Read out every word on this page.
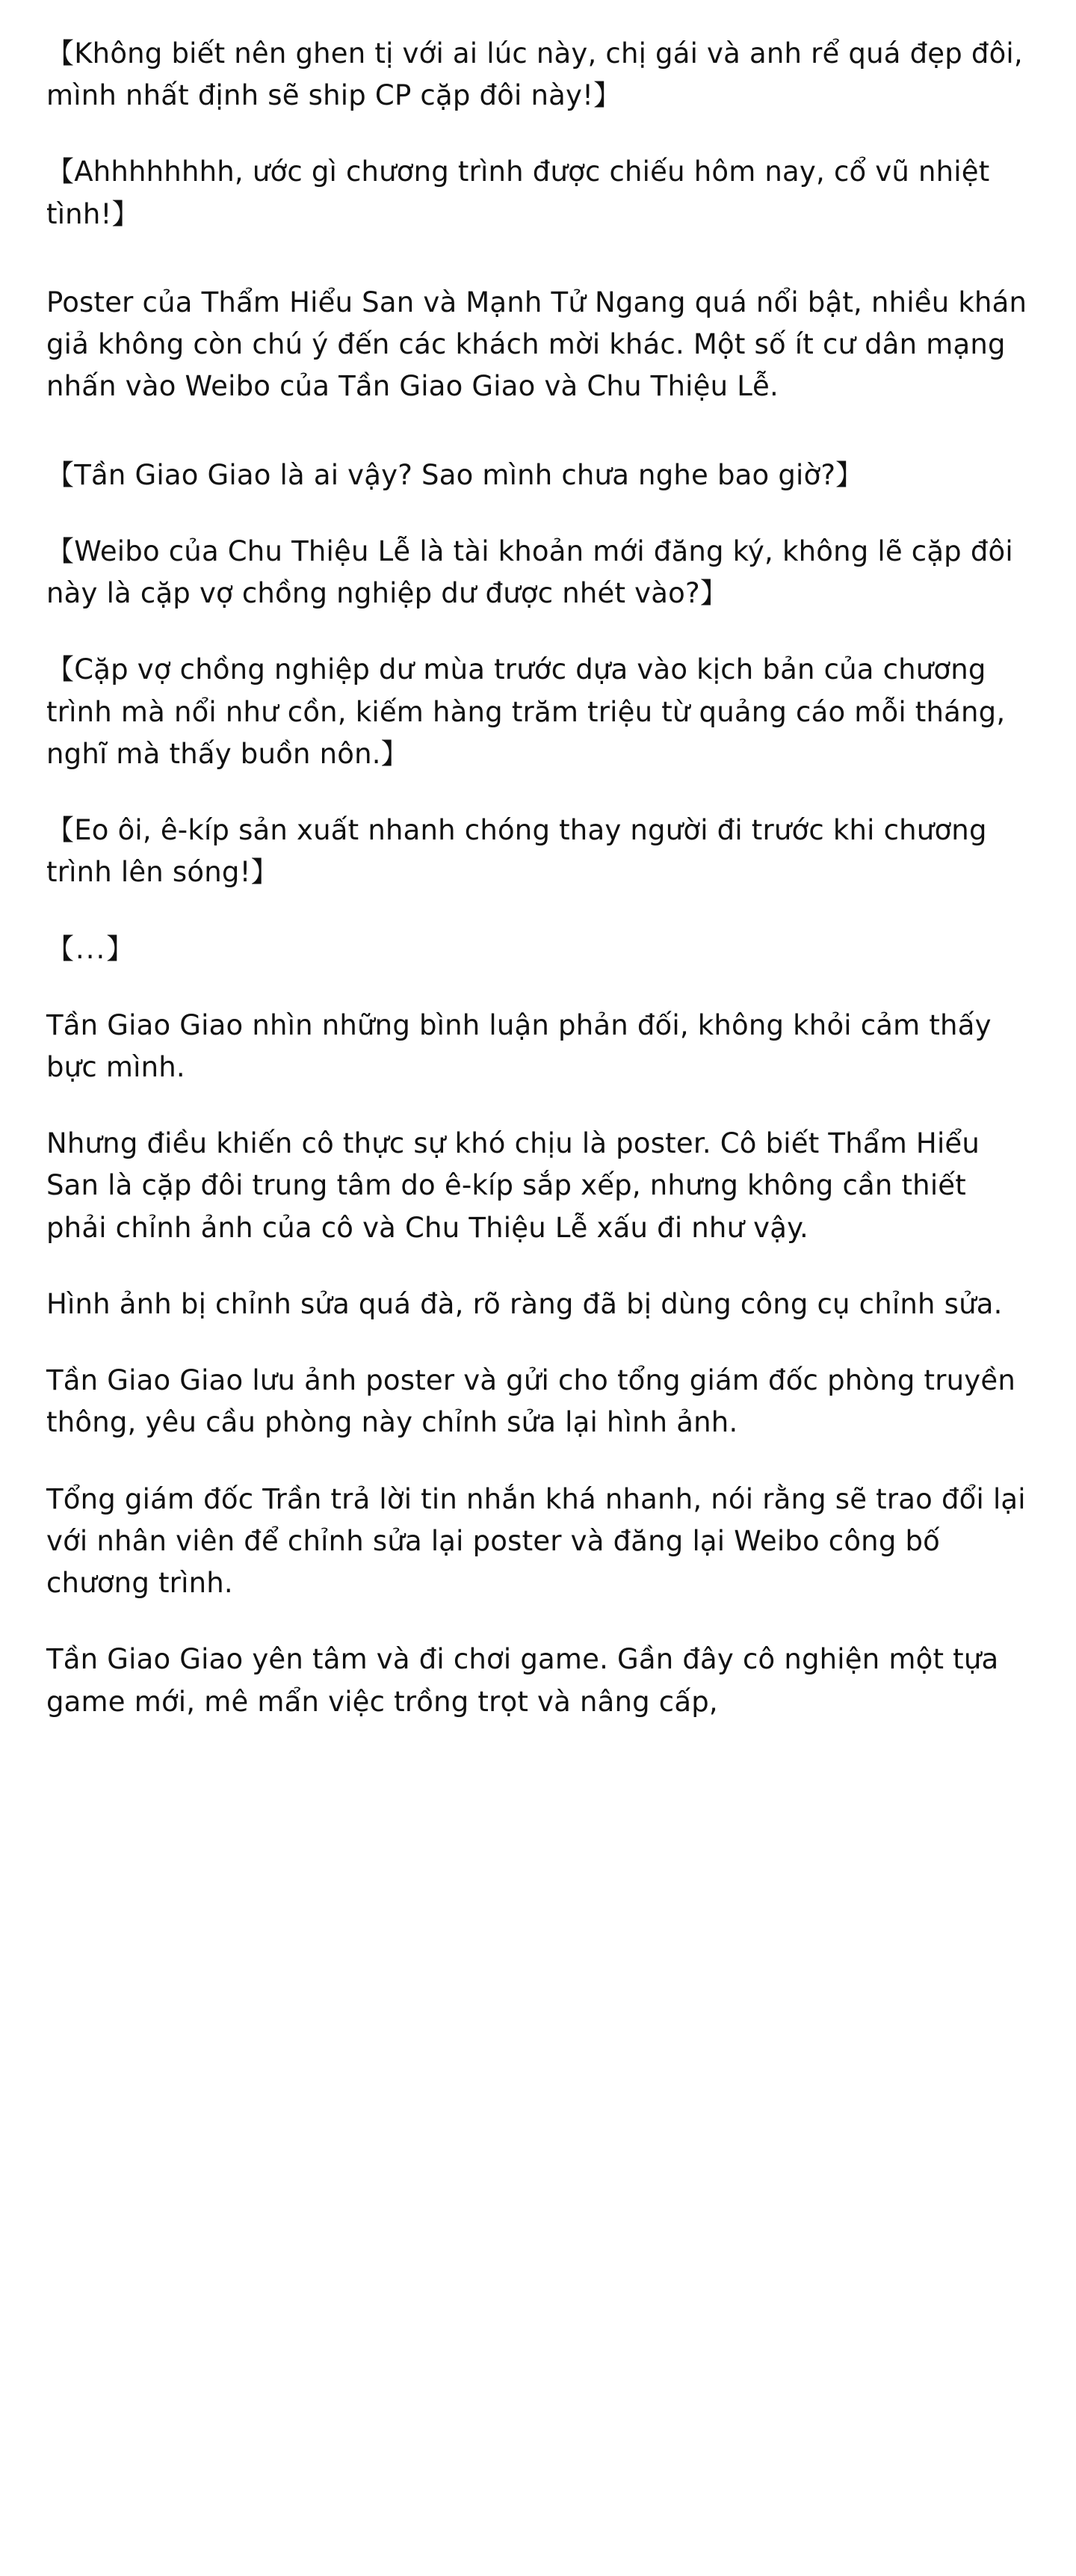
【Không biết nên ghen tị với ai lúc này, chị gái và anh rể quá đẹp đôi, mình nhất định sẽ ship CP cặp đôi này!】

【Ahhhhhhhh, ước gì chương trình được chiếu hôm nay, cổ vũ nhiệt tình!】

Poster của Thẩm Hiểu San và Mạnh Tử Ngang quá nổi bật, nhiều khán giả không còn chú ý đến các khách mời khác. Một số ít cư dân mạng nhấn vào Weibo của Tần Giao Giao và Chu Thiệu Lễ.

【Tần Giao Giao là ai vậy? Sao mình chưa nghe bao giờ?】

【Weibo của Chu Thiệu Lễ là tài khoản mới đăng ký, không lẽ cặp đôi này là cặp vợ chồng nghiệp dư được nhét vào?】

【Cặp vợ chồng nghiệp dư mùa trước dựa vào kịch bản của chương trình mà nổi như cồn, kiếm hàng trăm triệu từ quảng cáo mỗi tháng, nghĩ mà thấy buồn nôn.】

【Eo ôi, ê-kíp sản xuất nhanh chóng thay người đi trước khi chương trình lên sóng!】

【...】

Tần Giao Giao nhìn những bình luận phản đối, không khỏi cảm thấy bực mình.

Nhưng điều khiến cô thực sự khó chịu là poster. Cô biết Thẩm Hiểu San là cặp đôi trung tâm do ê-kíp sắp xếp, nhưng không cần thiết phải chỉnh ảnh của cô và Chu Thiệu Lễ xấu đi như vậy.

Hình ảnh bị chỉnh sửa quá đà, rõ ràng đã bị dùng công cụ chỉnh sửa.

Tần Giao Giao lưu ảnh poster và gửi cho tổng giám đốc phòng truyền thông, yêu cầu phòng này chỉnh sửa lại hình ảnh.

Tổng giám đốc Trần trả lời tin nhắn khá nhanh, nói rằng sẽ trao đổi lại với nhân viên để chỉnh sửa lại poster và đăng lại Weibo công bố chương trình.

Tần Giao Giao yên tâm và đi chơi game. Gần đây cô nghiện một tựa game mới, mê mẩn việc trồng trọt và nâng cấp,
